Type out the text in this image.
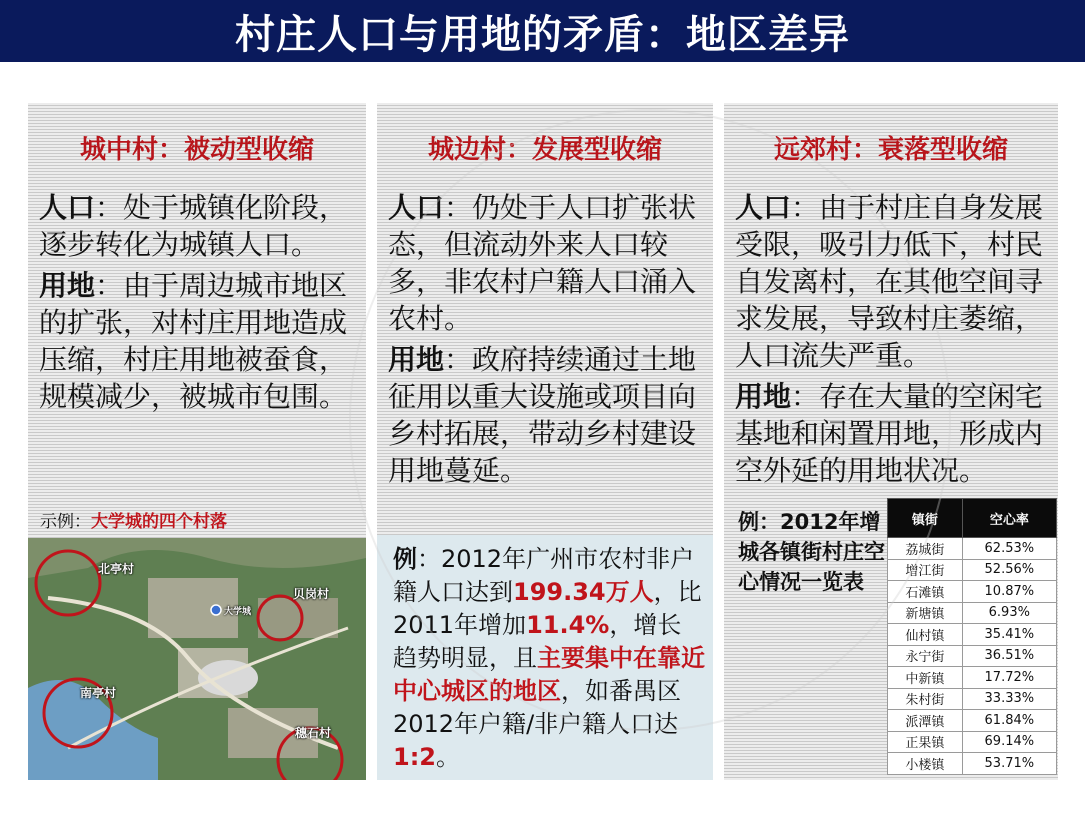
村庄人口与用地的矛盾：地区差异
城中村：被动型收缩

人口：处于城镇化阶段，逐步转化为城镇人口。

用地：由于周边城市地区的扩张，对村庄用地造成压缩，村庄用地被蚕食，规模减少，被城市包围。

示例：大学城的四个村落
北亭村
贝岗村
南亭村
穗石村
大学城
城边村：发展型收缩

人口：仍处于人口扩张状态，但流动外来人口较多，非农村户籍人口涌入农村。

用地：政府持续通过土地征用以重大设施或项目向乡村拓展，带动乡村建设用地蔓延。

例：2012年广州市农村非户籍人口达到199.34万人，比2011年增加11.4%，增长趋势明显，且主要集中在靠近中心城区的地区，如番禺区2012年户籍/非户籍人口达1:2。
远郊村：衰落型收缩

人口：由于村庄自身发展受限，吸引力低下，村民自发离村，在其他空间寻求发展，导致村庄萎缩，人口流失严重。

用地：存在大量的空闲宅基地和闲置用地，形成内空外延的用地状况。

例：2012年增城各镇街村庄空心情况一览表
镇街	空心率
荔城街	62.53%
增江街	52.56%
石滩镇	10.87%
新塘镇	6.93%
仙村镇	35.41%
永宁街	36.51%
中新镇	17.72%
朱村街	33.33%
派潭镇	61.84%
正果镇	69.14%
小楼镇	53.71%
